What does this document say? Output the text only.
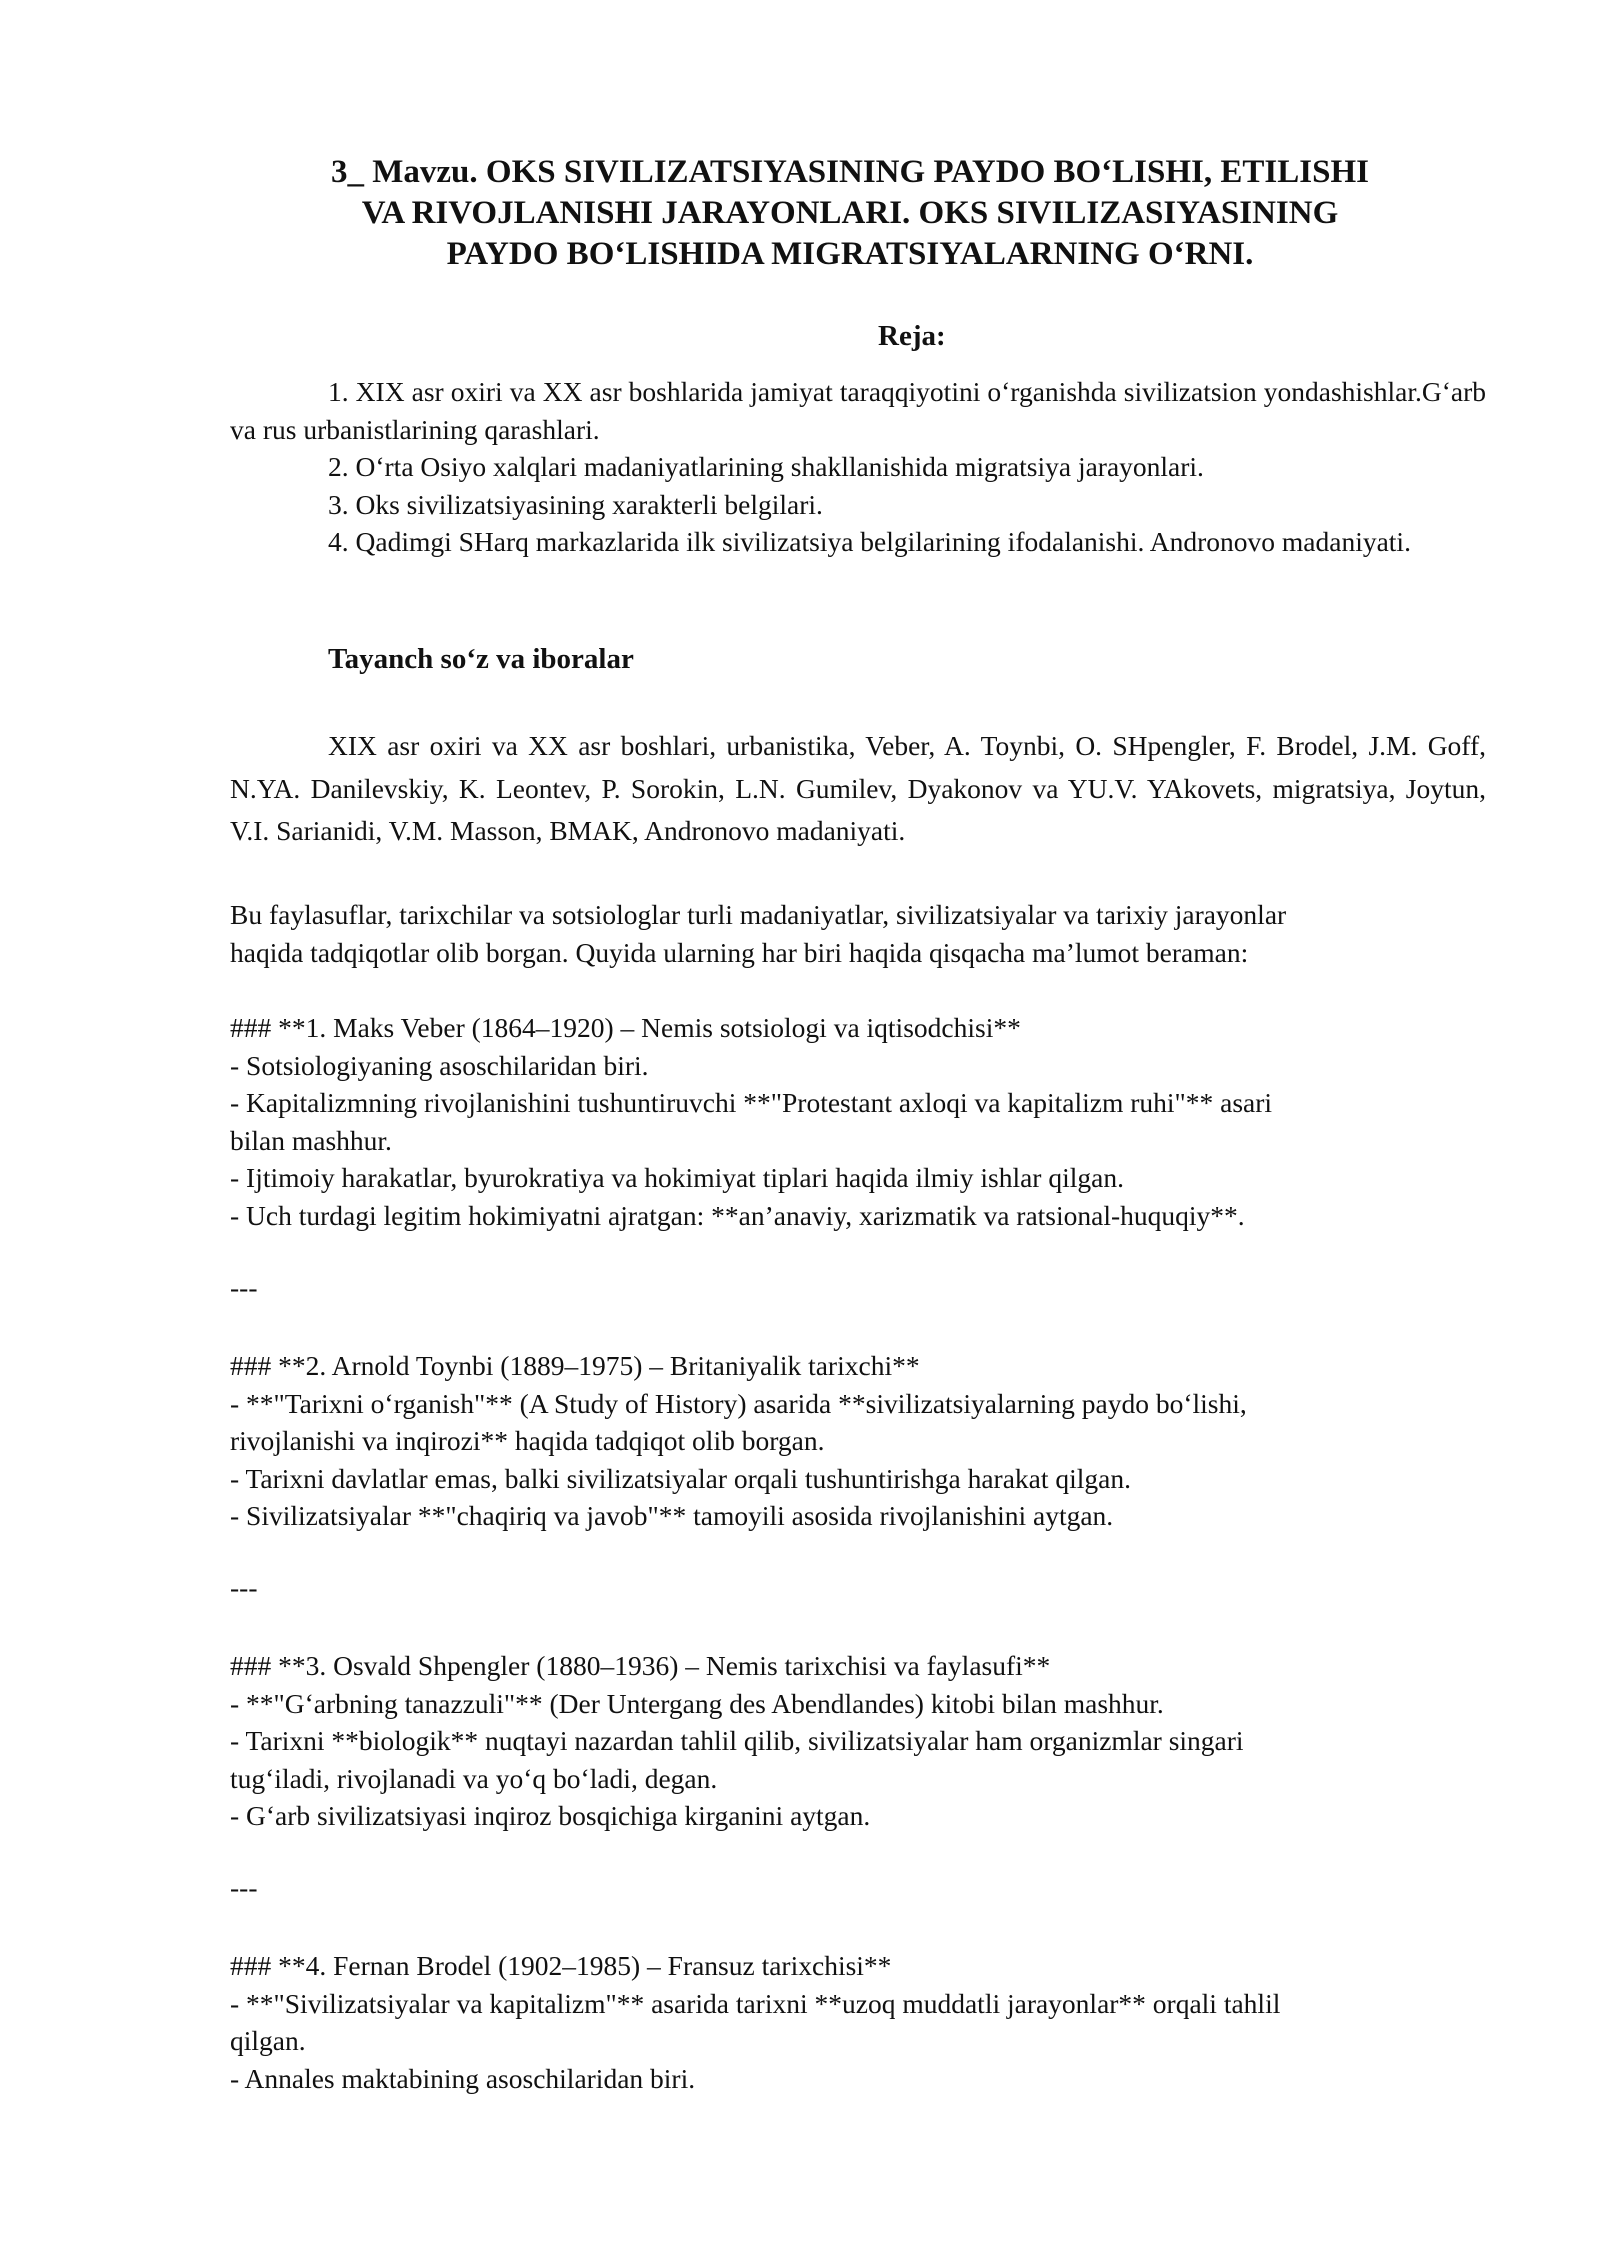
3_ Mavzu. OKS SIVILIZATSIYASINING PAYDO BO‘LISHI, ETILISHI
VA RIVOJLANISHI JARAYONLARI. OKS SIVILIZASIYASINING
PAYDO BO‘LISHIDA MIGRATSIYALARNING O‘RNI.
Reja:
1. XIX asr oxiri va XX asr boshlarida jamiyat taraqqiyotini o‘rganishda sivilizatsion yondashishlar.G‘arb va rus urbanistlarining qarashlari.
2. O‘rta Osiyo xalqlari madaniyatlarining shakllanishida migratsiya jarayonlari.
3. Oks sivilizatsiyasining xarakterli belgilari.
4. Qadimgi SHarq markazlarida ilk sivilizatsiya belgilarining ifodalanishi. Andronovo madaniyati.
Tayanch so‘z va iboralar
XIX asr oxiri va XX asr boshlari, urbanistika, Veber, A. Toynbi, O. SHpengler, F. Brodel, J.M. Goff, N.YA. Danilevskiy, K. Leontev, P. Sorokin, L.N. Gumilev, Dyakonov va YU.V. YAkovets, migratsiya, Joytun, V.I. Sarianidi, V.M. Masson, BMAK, Andronovo madaniyati.
Bu faylasuflar, tarixchilar va sotsiologlar turli madaniyatlar, sivilizatsiyalar va tarixiy jarayonlar
haqida tadqiqotlar olib borgan. Quyida ularning har biri haqida qisqacha ma’lumot beraman:
### **1. Maks Veber (1864–1920) – Nemis sotsiologi va iqtisodchisi**
- Sotsiologiyaning asoschilaridan biri.
- Kapitalizmning rivojlanishini tushuntiruvchi **"Protestant axloqi va kapitalizm ruhi"** asari
bilan mashhur.
- Ijtimoiy harakatlar, byurokratiya va hokimiyat tiplari haqida ilmiy ishlar qilgan.
- Uch turdagi legitim hokimiyatni ajratgan: **an’anaviy, xarizmatik va ratsional-huquqiy**.
---
### **2. Arnold Toynbi (1889–1975) – Britaniyalik tarixchi**
- **"Tarixni o‘rganish"** (A Study of History) asarida **sivilizatsiyalarning paydo bo‘lishi,
rivojlanishi va inqirozi** haqida tadqiqot olib borgan.
- Tarixni davlatlar emas, balki sivilizatsiyalar orqali tushuntirishga harakat qilgan.
- Sivilizatsiyalar **"chaqiriq va javob"** tamoyili asosida rivojlanishini aytgan.
---
### **3. Osvald Shpengler (1880–1936) – Nemis tarixchisi va faylasufi**
- **"G‘arbning tanazzuli"** (Der Untergang des Abendlandes) kitobi bilan mashhur.
- Tarixni **biologik** nuqtayi nazardan tahlil qilib, sivilizatsiyalar ham organizmlar singari
tug‘iladi, rivojlanadi va yo‘q bo‘ladi, degan.
- G‘arb sivilizatsiyasi inqiroz bosqichiga kirganini aytgan.
---
### **4. Fernan Brodel (1902–1985) – Fransuz tarixchisi**
- **"Sivilizatsiyalar va kapitalizm"** asarida tarixni **uzoq muddatli jarayonlar** orqali tahlil
qilgan.
- Annales maktabining asoschilaridan biri.
